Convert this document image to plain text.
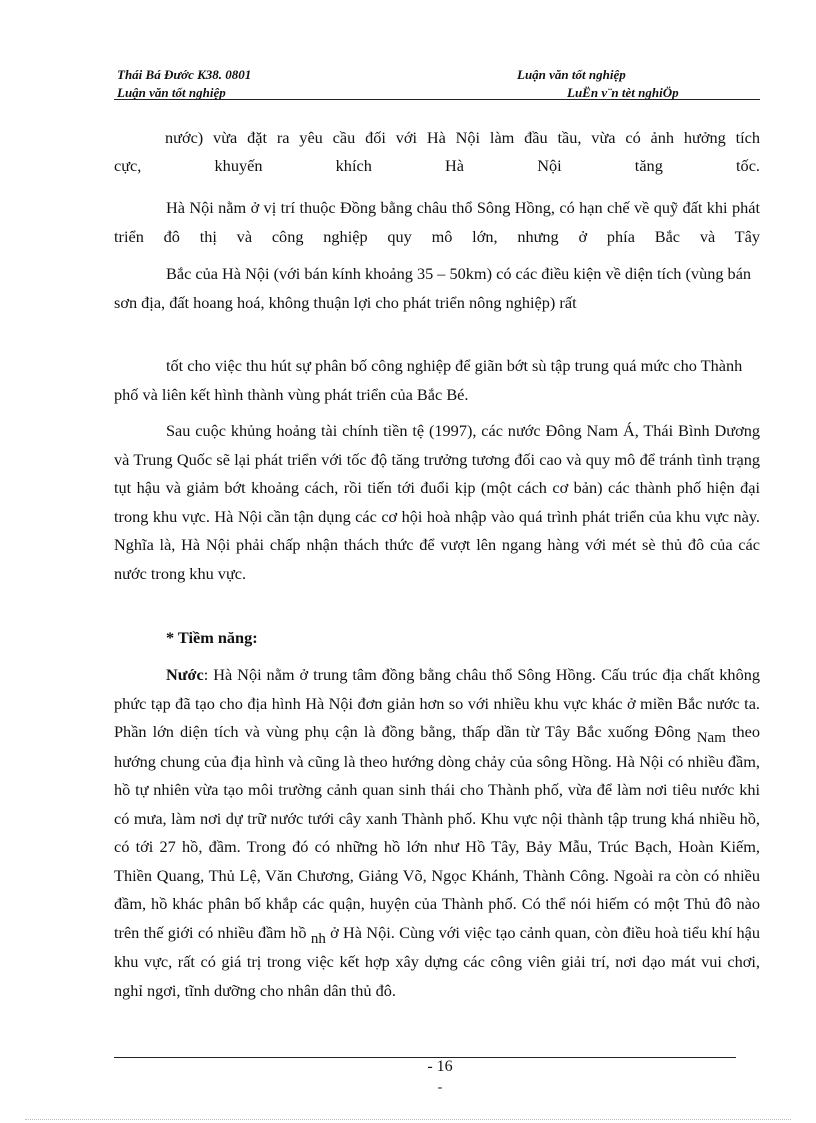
Thái Bá Đước K38. 0801	Luận văn tốt nghiệp
Luận văn tốt nghiệp	LuËn v¨n tèt nghiÖp

nước) vừa đặt ra yêu cầu đối với Hà Nội làm đầu tầu, vừa có ảnh hưởng tích

cực, khuyến khích Hà Nội tăng tốc.

Hà Nội nằm ở vị trí thuộc Đồng bằng châu thổ Sông Hồng, có hạn chế về quỹ đất khi phát triển đô thị và công nghiệp quy mô lớn, nhưng ở phía Bắc và Tây

Bắc của Hà Nội (với bán kính khoảng 35 – 50km) có các điều kiện về diện tích (vùng bán sơn địa, đất hoang hoá, không thuận lợi cho phát triển nông nghiệp) rất

tốt cho việc thu hút sự phân bố công nghiệp để giãn bớt sù tập trung quá mức cho Thành phố và liên kết hình thành vùng phát triển của Bắc Bé.

Sau cuộc khủng hoảng tài chính tiền tệ (1997), các nước Đông Nam Á, Thái Bình Dương và Trung Quốc sẽ lại phát triển với tốc độ tăng trưởng tương đối cao và quy mô để tránh tình trạng tụt hậu và giảm bớt khoảng cách, rồi tiến tới đuổi kịp (một cách cơ bản) các thành phố hiện đại trong khu vực. Hà Nội cần tận dụng các cơ hội hoà nhập vào quá trình phát triển của khu vực này. Nghĩa là, Hà Nội phải chấp nhận thách thức để vượt lên ngang hàng với mét sè thủ đô của các nước trong khu vực.

* Tiềm năng:

Nước: Hà Nội nằm ở trung tâm đồng bằng châu thổ Sông Hồng. Cấu trúc địa chất không phức tạp đã tạo cho địa hình Hà Nội đơn giản hơn so với nhiều khu vực khác ở miền Bắc nước ta. Phần lớn diện tích và vùng phụ cận là đồng bằng, thấp dần từ Tây Bắc xuống Đông Nam theo hướng chung của địa hình và cũng là theo hướng dòng chảy của sông Hồng. Hà Nội có nhiều đầm, hồ tự nhiên vừa tạo môi trường cảnh quan sinh thái cho Thành phố, vừa để làm nơi tiêu nước khi có mưa, làm nơi dự trữ nước tưới cây xanh Thành phố. Khu vực nội thành tập trung khá nhiều hồ, có tới 27 hồ, đầm. Trong đó có những hồ lớn như Hồ Tây, Bảy Mẫu, Trúc Bạch, Hoàn Kiếm, Thiền Quang, Thủ Lệ, Văn Chương, Giảng Võ, Ngọc Khánh, Thành Công. Ngoài ra còn có nhiều đầm, hồ khác phân bố khắp các quận, huyện của Thành phố. Có thể nói hiếm có một Thủ đô nào trên thế giới có nhiều đầm hồ nh ở Hà Nội. Cùng với việc tạo cảnh quan, còn điều hoà tiểu khí hậu khu vực, rất có giá trị trong việc kết hợp xây dựng các công viên giải trí, nơi dạo mát vui chơi, nghỉ ngơi, tĩnh dưỡng cho nhân dân thủ đô.

- 16
-
